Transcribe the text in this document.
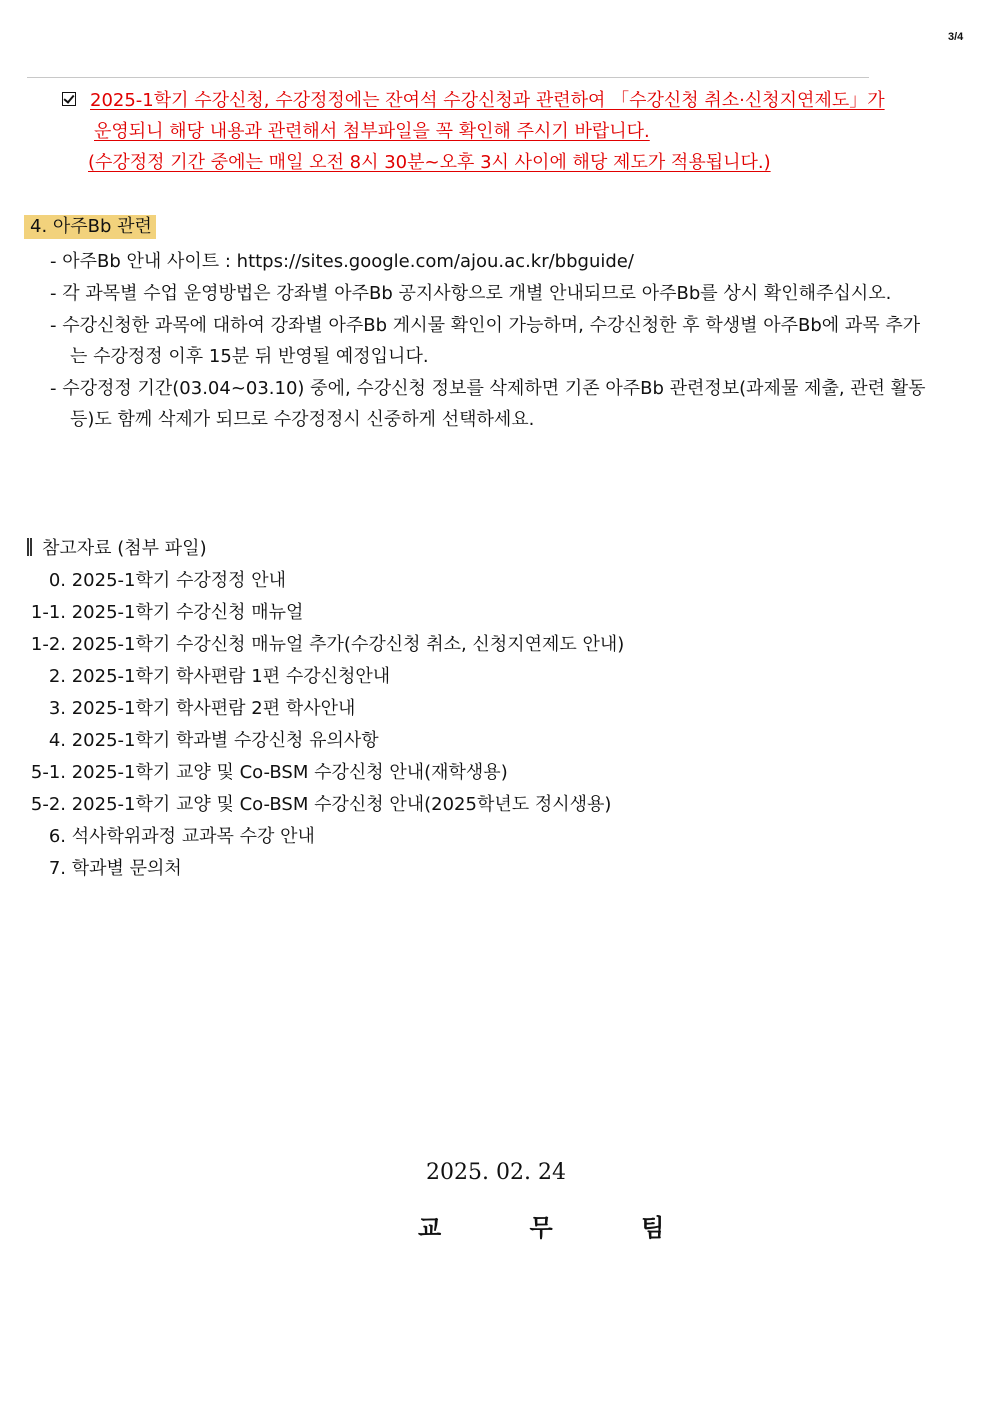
3/4
2025-1학기 수강신청, 수강정정에는 잔여석 수강신청과 관련하여 「수강신청 취소·신청지연제도」가
운영되니 해당 내용과 관련해서 첨부파일을 꼭 확인해 주시기 바랍니다.
(수강정정 기간 중에는 매일 오전 8시 30분~오후 3시 사이에 해당 제도가 적용됩니다.)
4. 아주Bb 관련
- 아주Bb 안내 사이트 : https://sites.google.com/ajou.ac.kr/bbguide/
- 각 과목별 수업 운영방법은 강좌별 아주Bb 공지사항으로 개별 안내되므로 아주Bb를 상시 확인해주십시오.
- 수강신청한 과목에 대하여 강좌별 아주Bb 게시물 확인이 가능하며, 수강신청한 후 학생별 아주Bb에 과목 추가
는 수강정정 이후 15분 뒤 반영될 예정입니다.
- 수강정정 기간(03.04~03.10) 중에, 수강신청 정보를 삭제하면 기존 아주Bb 관련정보(과제물 제출, 관련 활동
등)도 함께 삭제가 되므로 수강정정시 신중하게 선택하세요.
참고자료 (첨부 파일)
0. 2025-1학기 수강정정 안내
1-1. 2025-1학기 수강신청 매뉴얼
1-2. 2025-1학기 수강신청 매뉴얼 추가(수강신청 취소, 신청지연제도 안내)
2. 2025-1학기 학사편람 1편 수강신청안내
3. 2025-1학기 학사편람 2편 학사안내
4. 2025-1학기 학과별 수강신청 유의사항
5-1. 2025-1학기 교양 및 Co-BSM 수강신청 안내(재학생용)
5-2. 2025-1학기 교양 및 Co-BSM 수강신청 안내(2025학년도 정시생용)
6. 석사학위과정 교과목 수강 안내
7. 학과별 문의처
2025. 02. 24
교 무 팀
